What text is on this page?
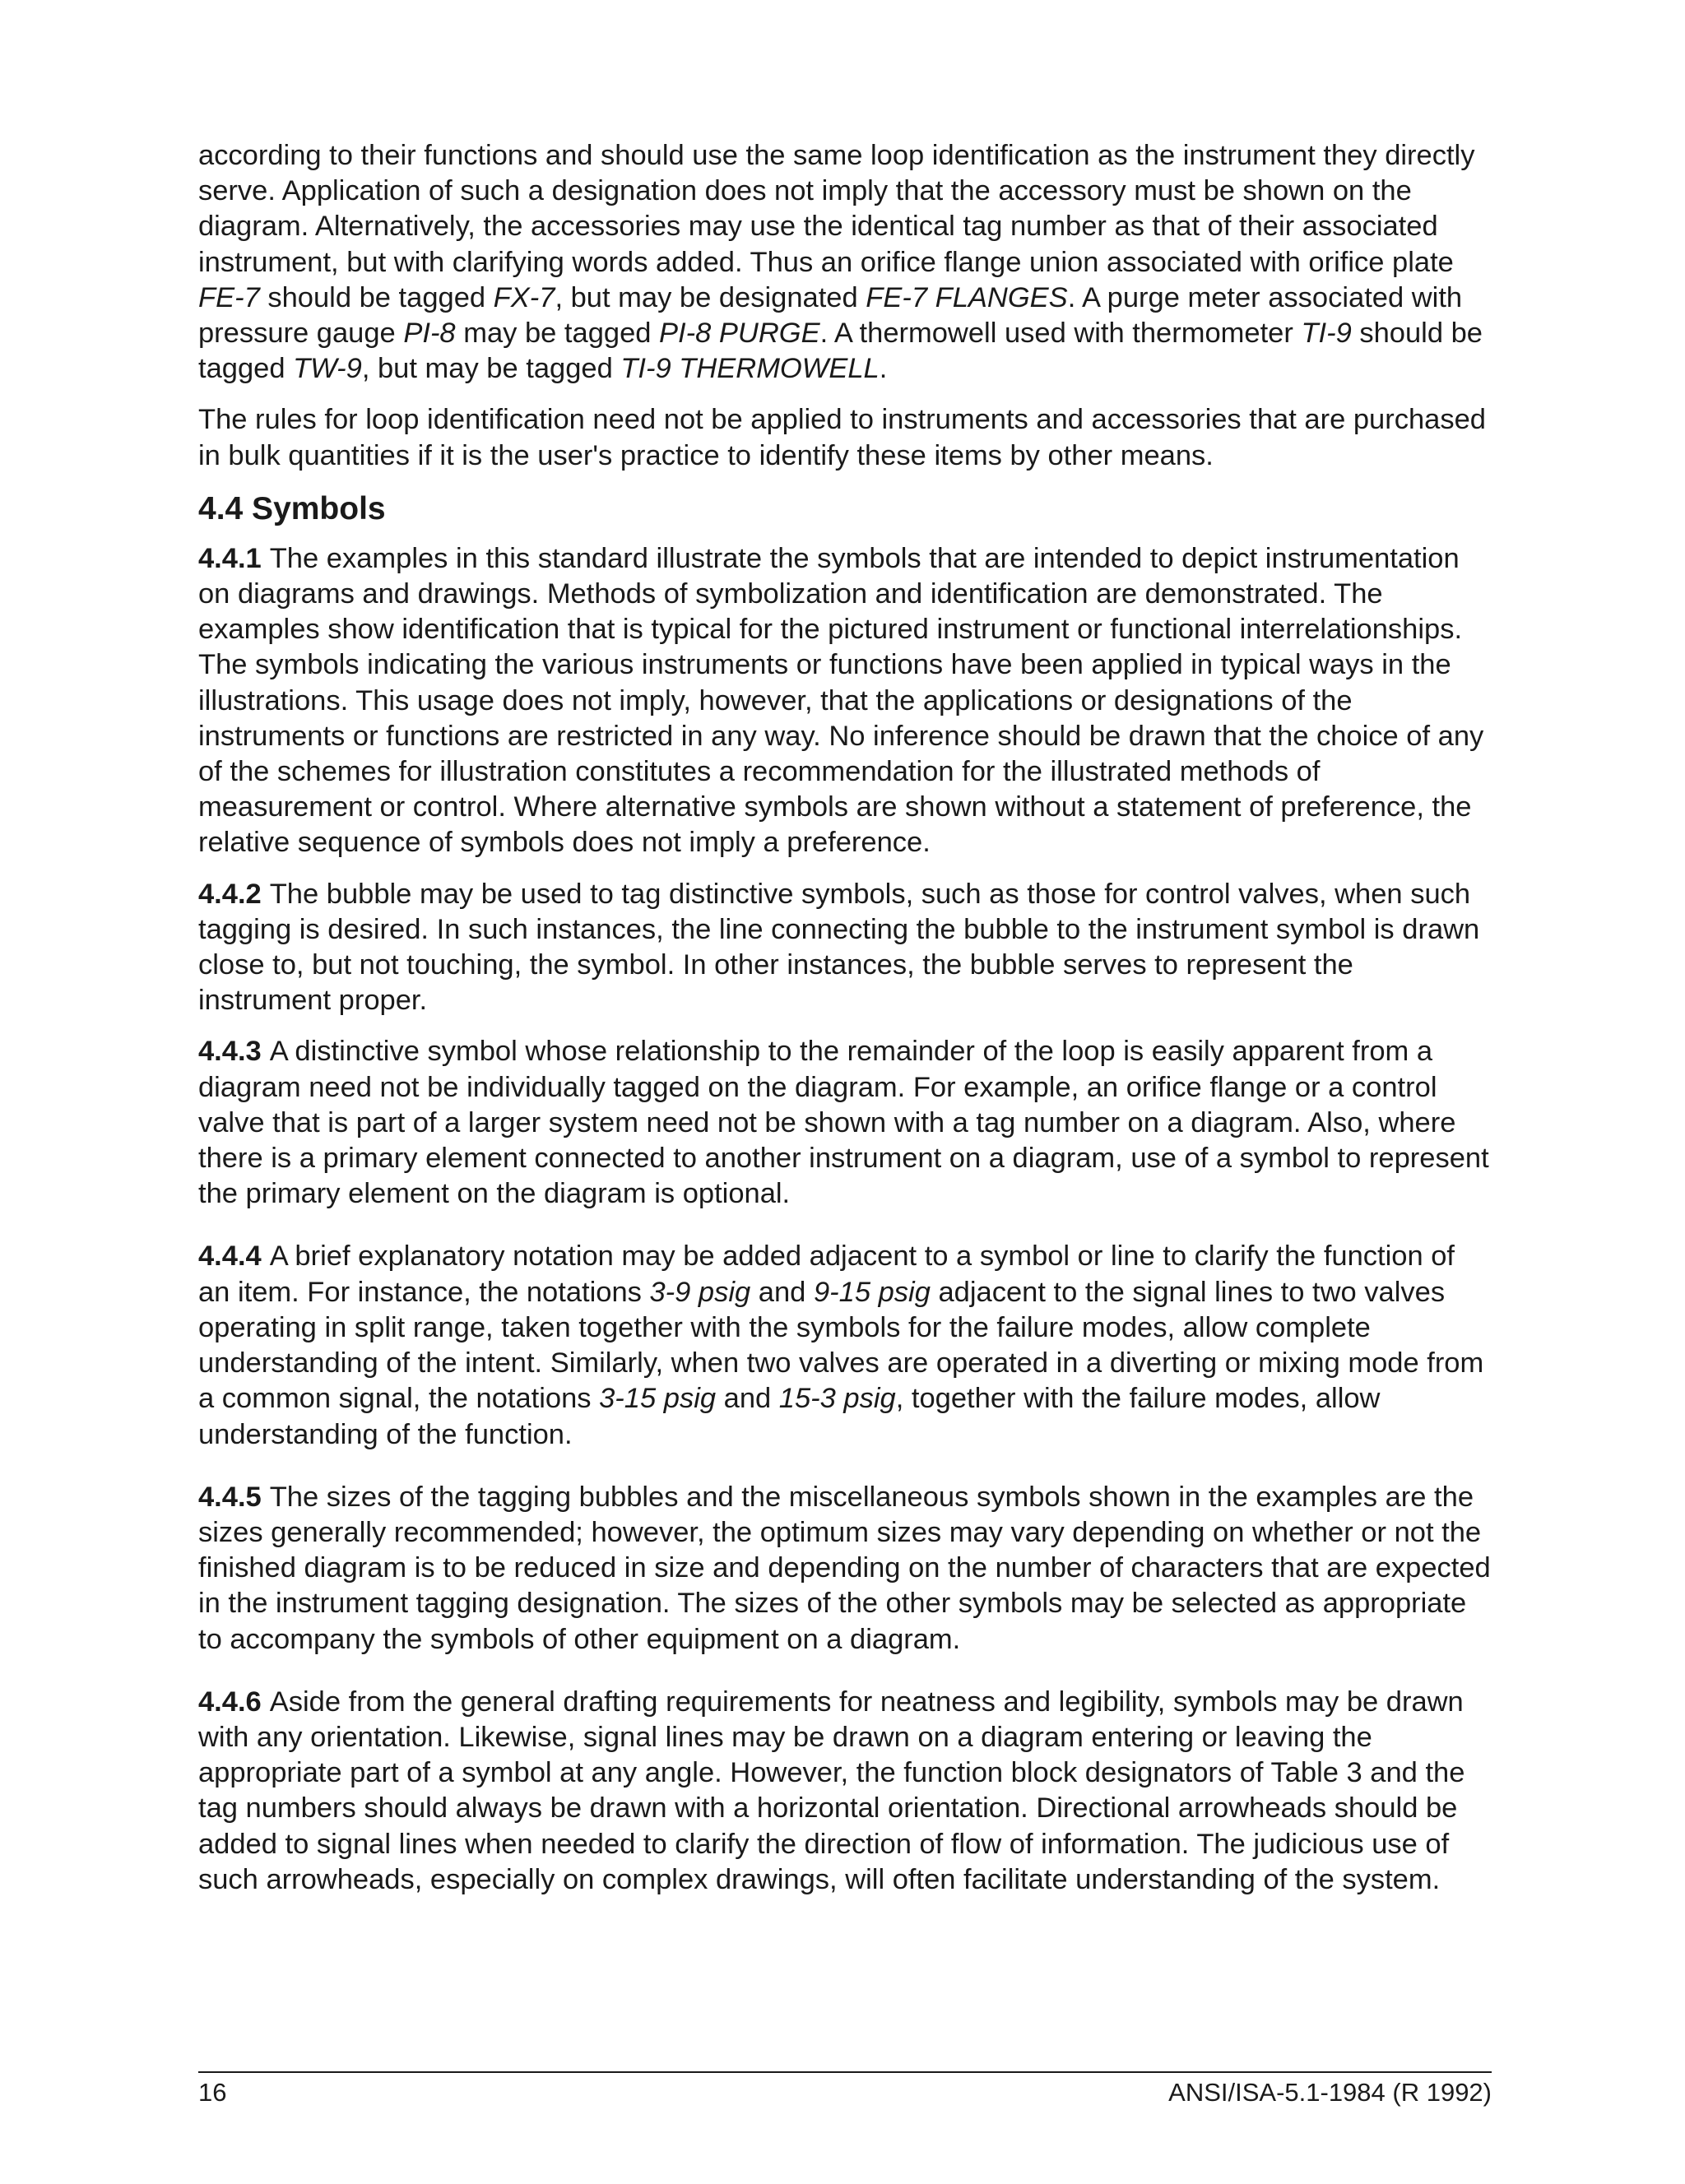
according to their functions and should use the same loop identification as the instrument they directly serve. Application of such a designation does not imply that the accessory must be shown on the diagram. Alternatively, the accessories may use the identical tag number as that of their associated instrument, but with clarifying words added. Thus an orifice flange union associated with orifice plate FE-7 should be tagged FX-7, but may be designated FE-7 FLANGES. A purge meter associated with pressure gauge PI-8 may be tagged PI-8 PURGE. A thermowell used with thermometer TI-9 should be tagged TW-9, but may be tagged TI-9 THERMOWELL.

The rules for loop identification need not be applied to instruments and accessories that are purchased in bulk quantities if it is the user's practice to identify these items by other means.

4.4 Symbols

4.4.1 The examples in this standard illustrate the symbols that are intended to depict instrumentation on diagrams and drawings. Methods of symbolization and identification are demonstrated. The examples show identification that is typical for the pictured instrument or functional interrelationships. The symbols indicating the various instruments or functions have been applied in typical ways in the illustrations. This usage does not imply, however, that the applications or designations of the instruments or functions are restricted in any way. No inference should be drawn that the choice of any of the schemes for illustration constitutes a recommendation for the illustrated methods of measurement or control. Where alternative symbols are shown without a statement of preference, the relative sequence of symbols does not imply a preference.

4.4.2 The bubble may be used to tag distinctive symbols, such as those for control valves, when such tagging is desired. In such instances, the line connecting the bubble to the instrument symbol is drawn close to, but not touching, the symbol. In other instances, the bubble serves to represent the instrument proper.

4.4.3 A distinctive symbol whose relationship to the remainder of the loop is easily apparent from a diagram need not be individually tagged on the diagram. For example, an orifice flange or a control valve that is part of a larger system need not be shown with a tag number on a diagram. Also, where there is a primary element connected to another instrument on a diagram, use of a symbol to represent the primary element on the diagram is optional.

4.4.4 A brief explanatory notation may be added adjacent to a symbol or line to clarify the function of an item. For instance, the notations 3-9 psig and 9-15 psig adjacent to the signal lines to two valves operating in split range, taken together with the symbols for the failure modes, allow complete understanding of the intent. Similarly, when two valves are operated in a diverting or mixing mode from a common signal, the notations 3-15 psig and 15-3 psig, together with the failure modes, allow understanding of the function.

4.4.5 The sizes of the tagging bubbles and the miscellaneous symbols shown in the examples are the sizes generally recommended; however, the optimum sizes may vary depending on whether or not the finished diagram is to be reduced in size and depending on the number of characters that are expected in the instrument tagging designation. The sizes of the other symbols may be selected as appropriate to accompany the symbols of other equipment on a diagram.

4.4.6 Aside from the general drafting requirements for neatness and legibility, symbols may be drawn with any orientation. Likewise, signal lines may be drawn on a diagram entering or leaving the appropriate part of a symbol at any angle. However, the function block designators of Table 3 and the tag numbers should always be drawn with a horizontal orientation. Directional arrowheads should be added to signal lines when needed to clarify the direction of flow of information. The judicious use of such arrowheads, especially on complex drawings, will often facilitate understanding of the system.

16	ANSI/ISA-5.1-1984 (R 1992)
